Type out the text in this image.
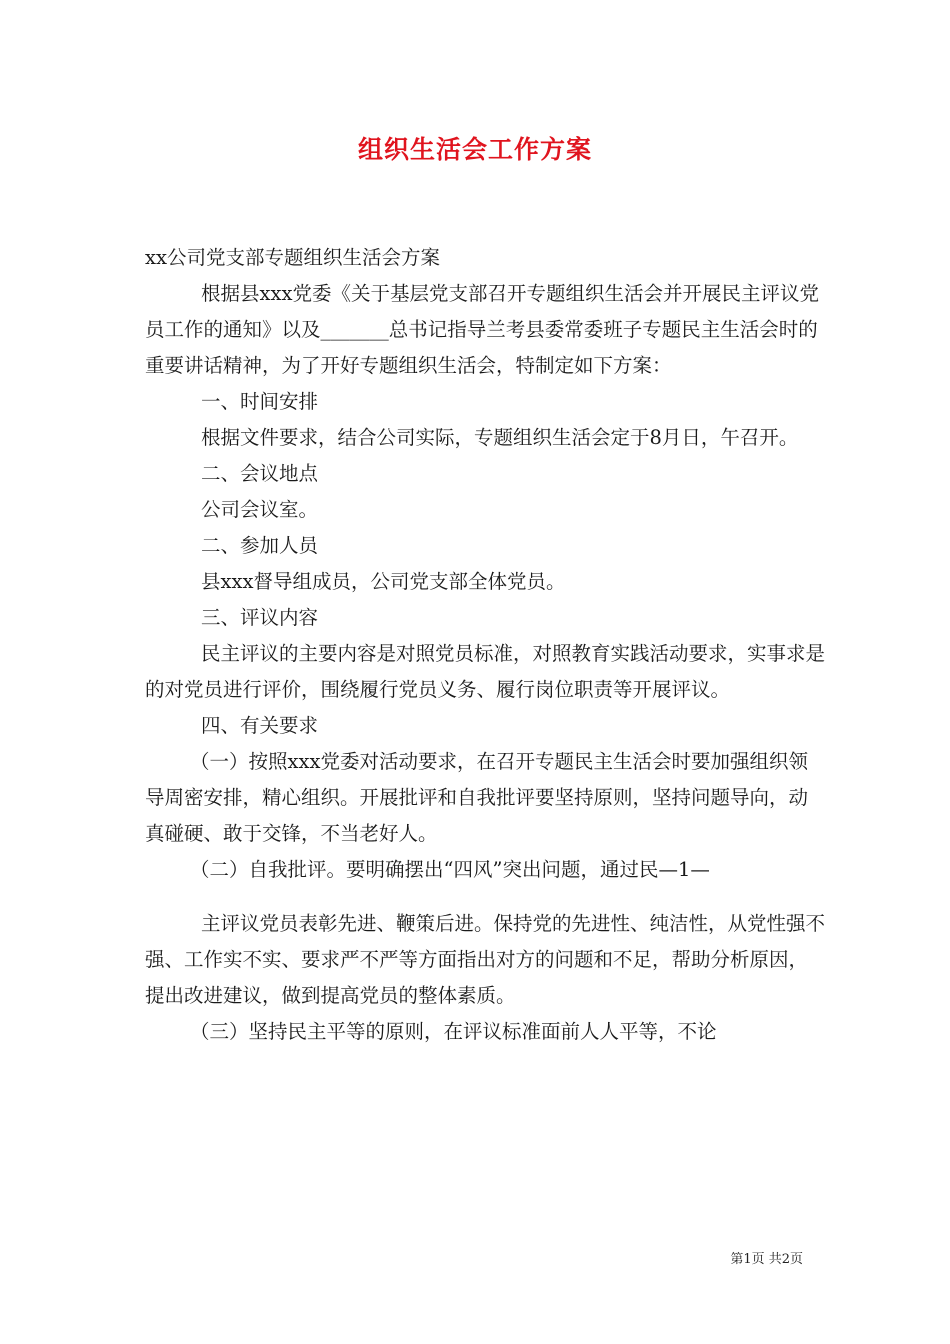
组织生活会工作方案

xx公司党支部专题组织生活会方案

根据县xxx党委《关于基层党支部召开专题组织生活会并开展民主评议党员工作的通知》以及_______总书记指导兰考县委常委班子专题民主生活会时的重要讲话精神，为了开好专题组织生活会，特制定如下方案：

一、时间安排

根据文件要求，结合公司实际，专题组织生活会定于8月日，午召开。

二、会议地点

公司会议室。

二、参加人员

县xxx督导组成员，公司党支部全体党员。

三、评议内容

民主评议的主要内容是对照党员标准，对照教育实践活动要求，实事求是的对党员进行评价，围绕履行党员义务、履行岗位职责等开展评议。

四、有关要求

（一）按照xxx党委对活动要求，在召开专题民主生活会时要加强组织领导周密安排，精心组织。开展批评和自我批评要坚持原则，坚持问题导向，动真碰硬、敢于交锋，不当老好人。

（二）自我批评。要明确摆出“四风”突出问题，通过民—1—

主评议党员表彰先进、鞭策后进。保持党的先进性、纯洁性，从党性强不强、工作实不实、要求严不严等方面指出对方的问题和不足，帮助分析原因，提出改进建议，做到提高党员的整体素质。

（三）坚持民主平等的原则，在评议标准面前人人平等，不论

第1页 共2页
